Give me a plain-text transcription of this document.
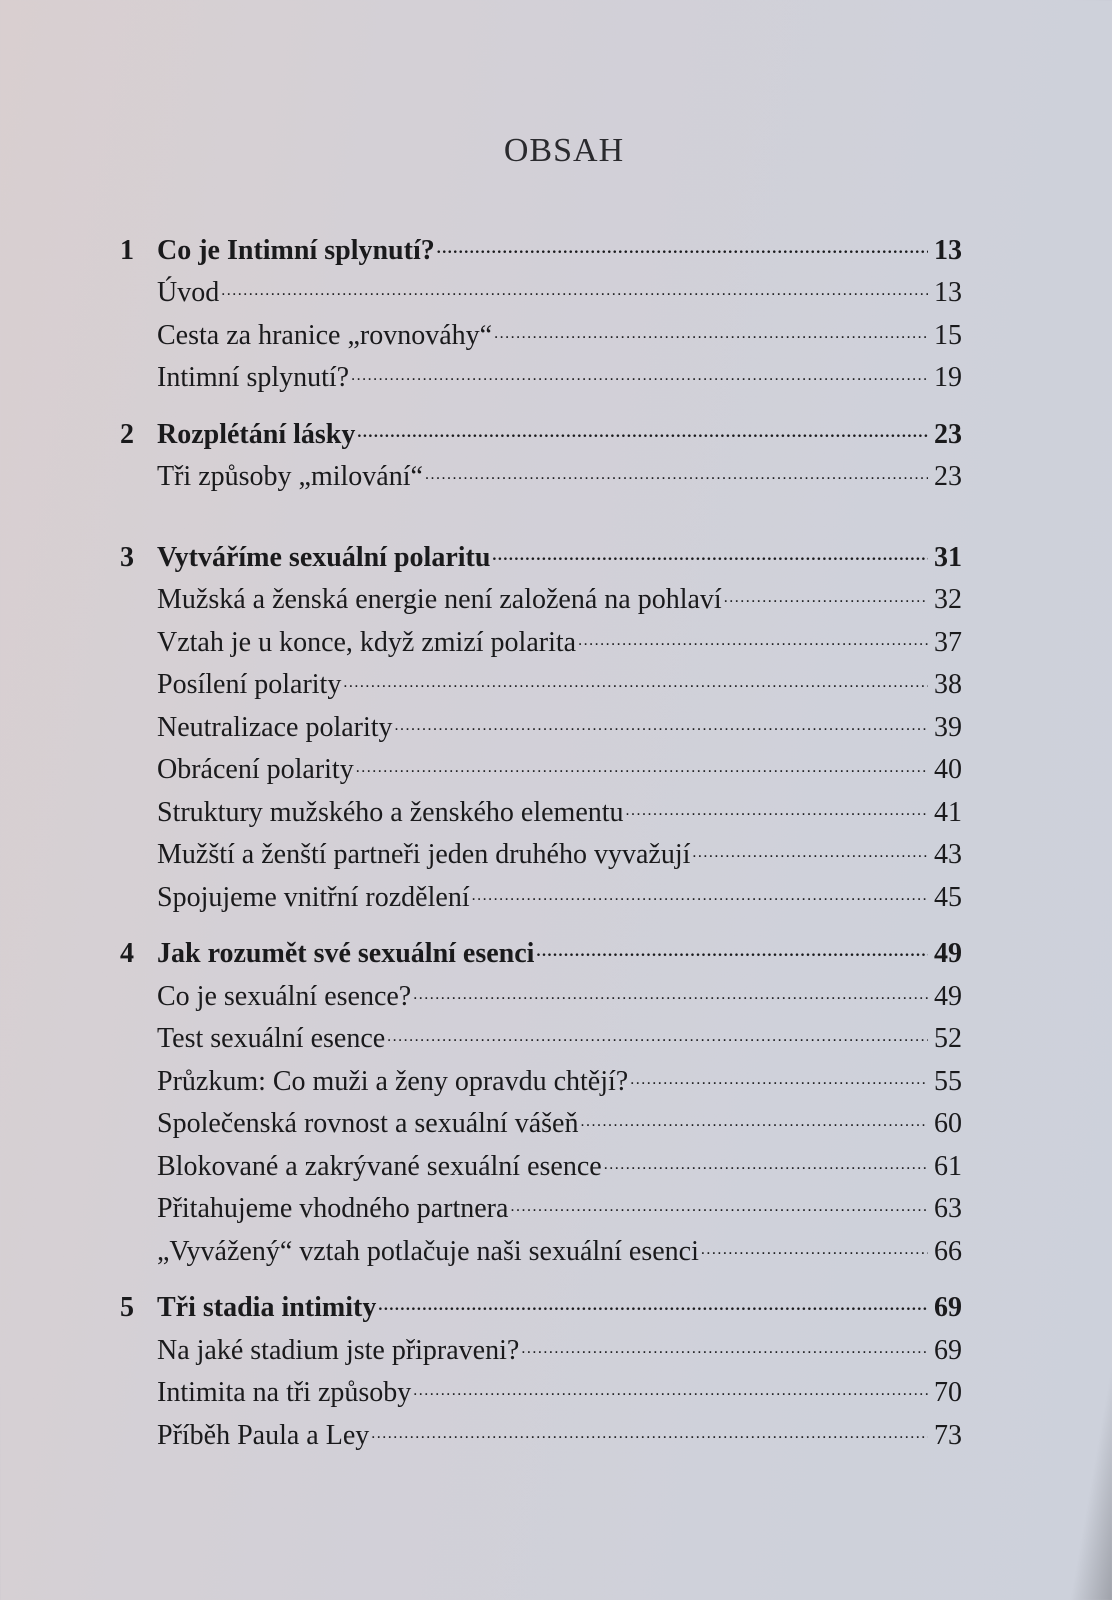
OBSAH
1 Co je Intimní splynutí? .....	13
Úvod .....	13
Cesta za hranice „rovnováhy“ .....	15
Intimní splynutí? .....	19
2 Rozplétání lásky .....	23
Tři způsoby „milování“ .....	23
3 Vytváříme sexuální polaritu .....	31
Mužská a ženská energie není založená na pohlaví .....	32
Vztah je u konce, když zmizí polarita .....	37
Posílení polarity .....	38
Neutralizace polarity .....	39
Obrácení polarity .....	40
Struktury mužského a ženského elementu .....	41
Mužští a ženští partneři jeden druhého vyvažují .....	43
Spojujeme vnitřní rozdělení .....	45
4 Jak rozumět své sexuální esenci .....	49
Co je sexuální esence? .....	49
Test sexuální esence .....	52
Průzkum: Co muži a ženy opravdu chtějí? .....	55
Společenská rovnost a sexuální vášeň .....	60
Blokované a zakrývané sexuální esence .....	61
Přitahujeme vhodného partnera .....	63
„Vyvážený“ vztah potlačuje naši sexuální esenci .....	66
5 Tři stadia intimity .....	69
Na jaké stadium jste připraveni? .....	69
Intimita na tři způsoby .....	70
Příběh Paula a Ley .....	73
